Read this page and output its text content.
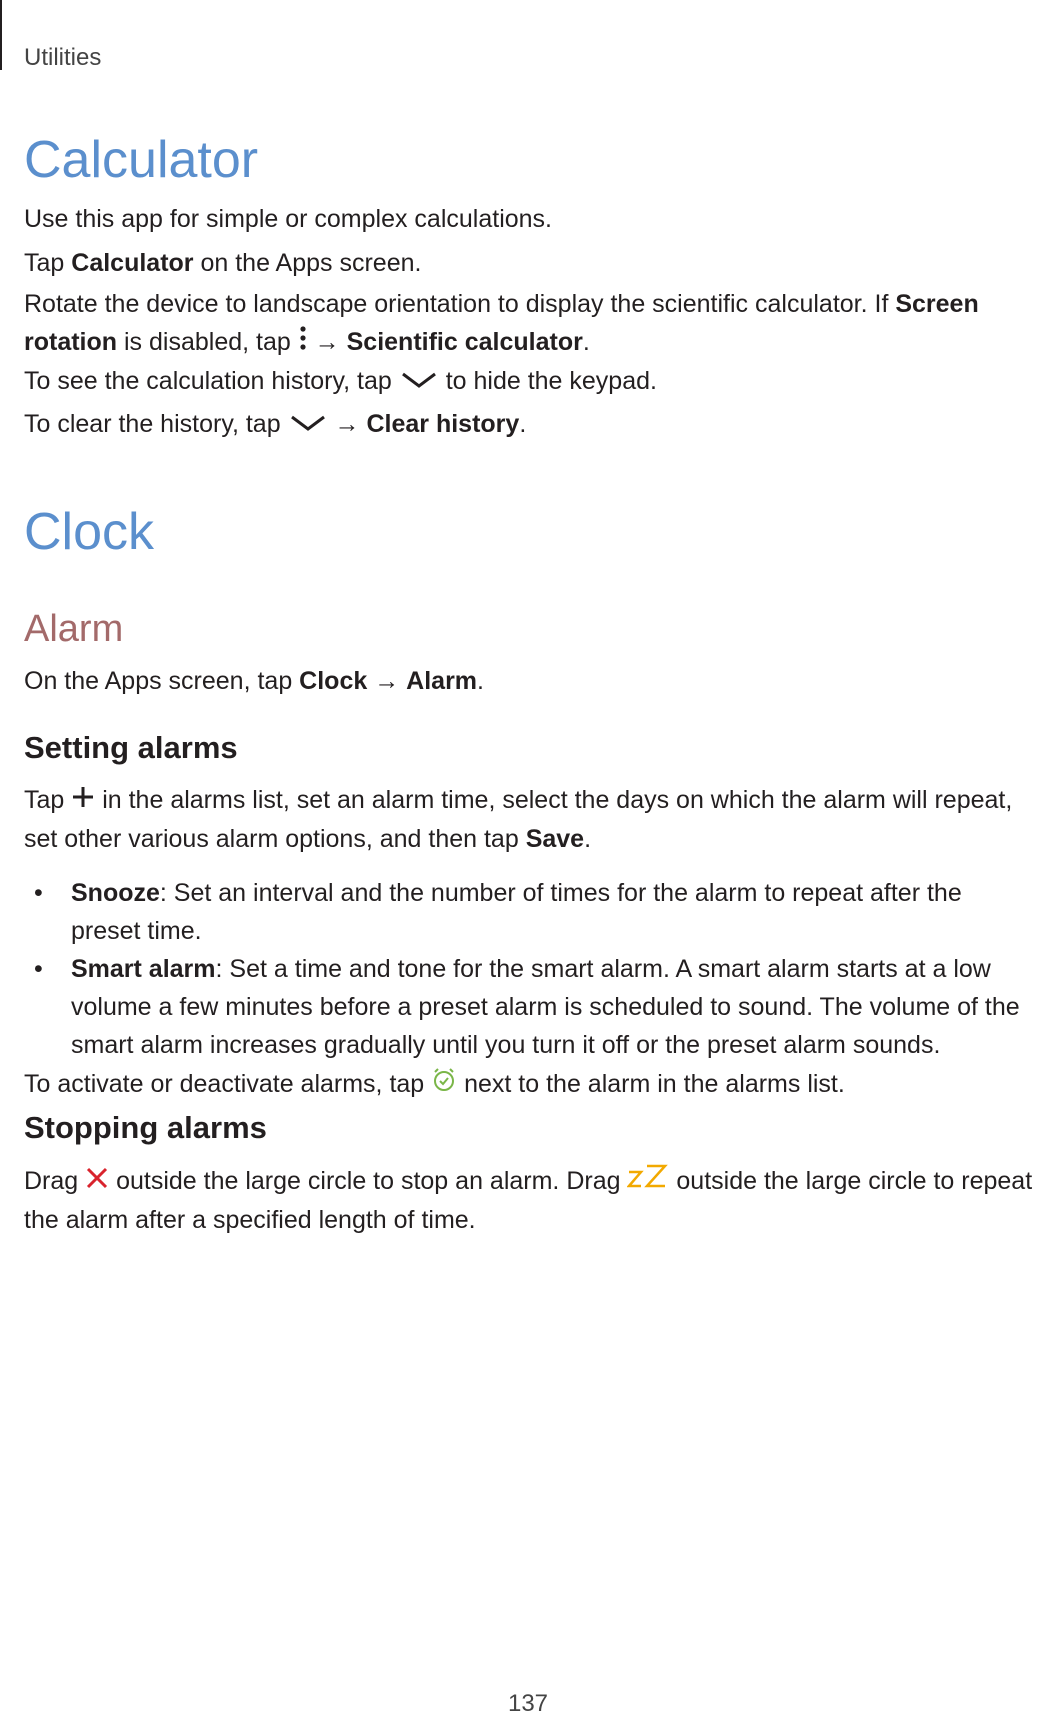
Utilities
Calculator

Use this app for simple or complex calculations.

Tap Calculator on the Apps screen.

Rotate the device to landscape orientation to display the scientific calculator. If Screen rotation is disabled, tap  → Scientific calculator.

To see the calculation history, tap  to hide the keypad.

To clear the history, tap  → Clear history.

Clock
Alarm

On the Apps screen, tap Clock → Alarm.

Setting alarms

Tap  in the alarms list, set an alarm time, select the days on which the alarm will repeat, set other various alarm options, and then tap Save.

• Snooze: Set an interval and the number of times for the alarm to repeat after the preset time.
• Smart alarm: Set a time and tone for the smart alarm. A smart alarm starts at a low volume a few minutes before a preset alarm is scheduled to sound. The volume of the smart alarm increases gradually until you turn it off or the preset alarm sounds.

To activate or deactivate alarms, tap  next to the alarm in the alarms list.

Stopping alarms

Drag  outside the large circle to stop an alarm. Drag  outside the large circle to repeat the alarm after a specified length of time.

137
